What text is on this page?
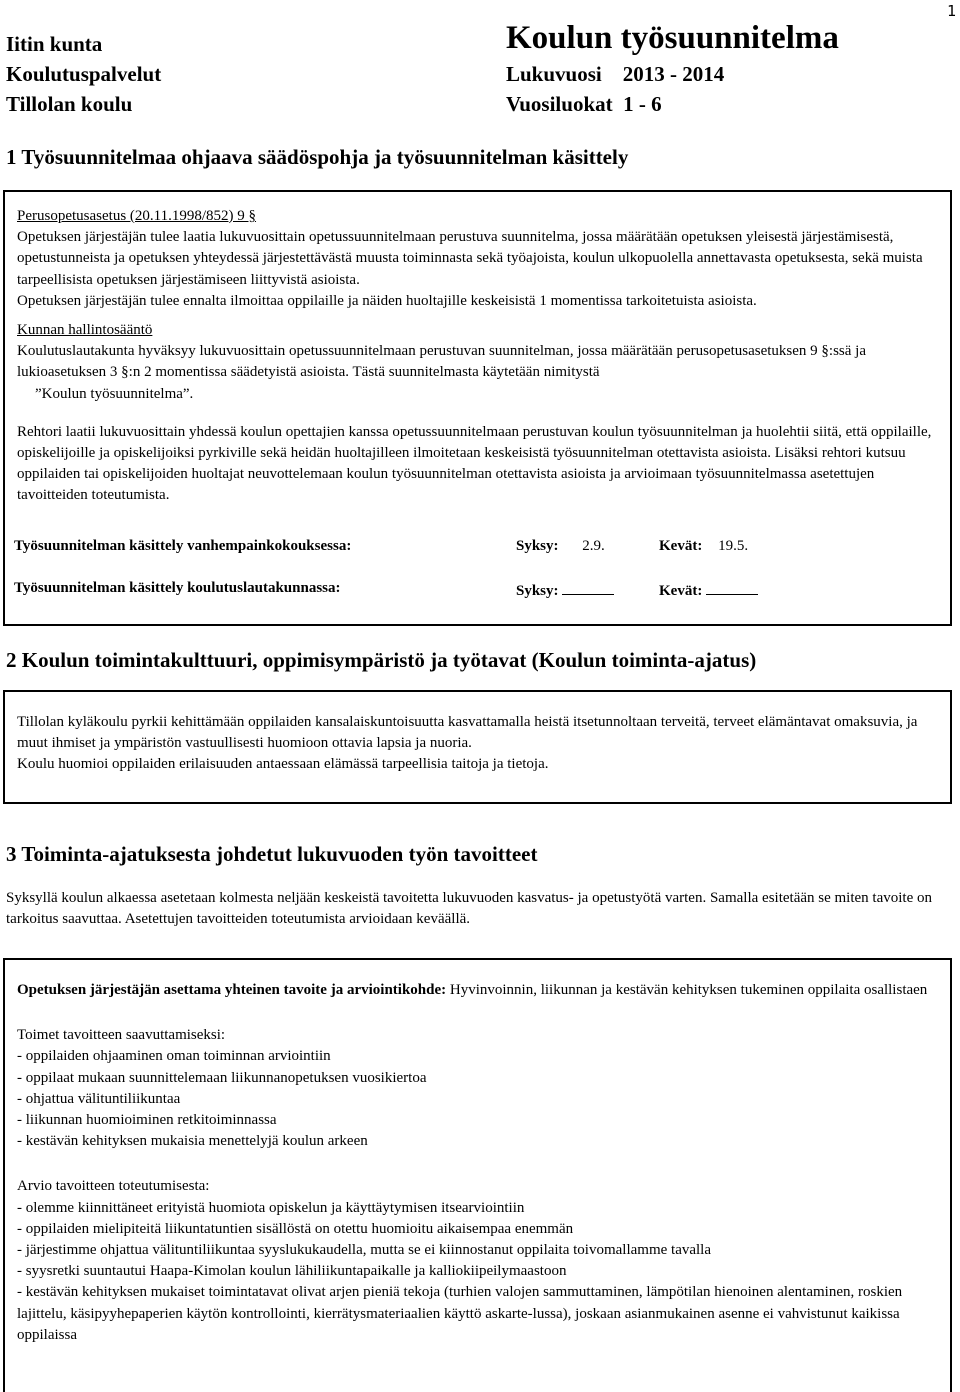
1
Iitin kunta
Koulutuspalvelut
Tillolan koulu
Koulun työsuunnitelma
Lukuvuosi 2013 - 2014
Vuosiluokat 1 - 6
1 Työsuunnitelmaa ohjaava säädöspohja ja työsuunnitelman käsittely

Perusopetusasetus (20.11.1998/852) 9 §

Opetuksen järjestäjän tulee laatia lukuvuosittain opetussuunnitelmaan perustuva suunnitelma, jossa määrätään opetuksen yleisestä järjestämisestä, opetustunneista ja opetuksen yhteydessä järjestettävästä muusta toiminnasta sekä työajoista, koulun ulkopuolella annettavasta opetuksesta, sekä muista tarpeellisista opetuksen järjestämiseen liittyvistä asioista.

Opetuksen järjestäjän tulee ennalta ilmoittaa oppilaille ja näiden huoltajille keskeisistä 1 momentissa tarkoitetuista asioista.

Kunnan hallintosääntö

Koulutuslautakunta hyväksyy lukuvuosittain opetussuunnitelmaan perustuvan suunnitelman, jossa määrätään perusopetusasetuksen 9 §:ssä ja lukioasetuksen 3 §:n 2 momentissa säädetyistä asioista. Tästä suunnitelmasta käytetään nimitystä

”Koulun työsuunnitelma”.

Rehtori laatii lukuvuosittain yhdessä koulun opettajien kanssa opetussuunnitelmaan perustuvan koulun työsuunnitelman ja huolehtii siitä, että oppilaille, opiskelijoille ja opiskelijoiksi pyrkiville sekä heidän huoltajilleen ilmoitetaan keskeisistä työsuunnitelman otettavista asioista. Lisäksi rehtori kutsuu oppilaiden tai opiskelijoiden huoltajat neuvottelemaan koulun työsuunnitelman otettavista asioista ja arvioimaan työsuunnitelmassa asetettujen tavoitteiden toteutumista.

Työsuunnitelman käsittely vanhempainkokouksessa:	Syksy: 2.9.	Kevät: 19.5.
Työsuunnitelman käsittely koulutuslautakunnassa:	Syksy:	Kevät:
2 Koulun toimintakulttuuri, oppimisympäristö ja työtavat (Koulun toiminta-ajatus)

Tillolan kyläkoulu pyrkii kehittämään oppilaiden kansalaiskuntoisuutta kasvattamalla heistä itsetunnoltaan terveitä, terveet elämäntavat omaksuvia, ja muut ihmiset ja ympäristön vastuullisesti huomioon ottavia lapsia ja nuoria.

Koulu huomioi oppilaiden erilaisuuden antaessaan elämässä tarpeellisia taitoja ja tietoja.

3 Toiminta-ajatuksesta johdetut lukuvuoden työn tavoitteet
Syksyllä koulun alkaessa asetetaan kolmesta neljään keskeistä tavoitetta lukuvuoden kasvatus- ja opetustyötä varten. Samalla esitetään se miten tavoite on tarkoitus saavuttaa. Asetettujen tavoitteiden toteutumista arvioidaan keväällä.

Opetuksen järjestäjän asettama yhteinen tavoite ja arviointikohde: Hyvinvoinnin, liikunnan ja kestävän kehityksen tukeminen oppilaita osallistaen

Toimet tavoitteen saavuttamiseksi:

- oppilaiden ohjaaminen oman toiminnan arviointiin

- oppilaat mukaan suunnittelemaan liikunnanopetuksen vuosikiertoa

- ohjattua välituntiliikuntaa

- liikunnan huomioiminen retkitoiminnassa

- kestävän kehityksen mukaisia menettelyjä koulun arkeen

Arvio tavoitteen toteutumisesta:

- olemme kiinnittäneet erityistä huomiota opiskelun ja käyttäytymisen itsearviointiin

- oppilaiden mielipiteitä liikuntatuntien sisällöstä on otettu huomioitu aikaisempaa enemmän

- järjestimme ohjattua välituntiliikuntaa syyslukukaudella, mutta se ei kiinnostanut oppilaita toivomallamme tavalla

- syysretki suuntautui Haapa-Kimolan koulun lähiliikuntapaikalle ja kalliokiipeilymaastoon

- kestävän kehityksen mukaiset toimintatavat olivat arjen pieniä tekoja (turhien valojen sammuttaminen, lämpötilan hienoinen alentaminen, roskien lajittelu, käsipyyhepaperien käytön kontrollointi, kierrätysmateriaalien käyttö askarte-lussa), joskaan asianmukainen asenne ei vahvistunut kaikissa oppilaissa
